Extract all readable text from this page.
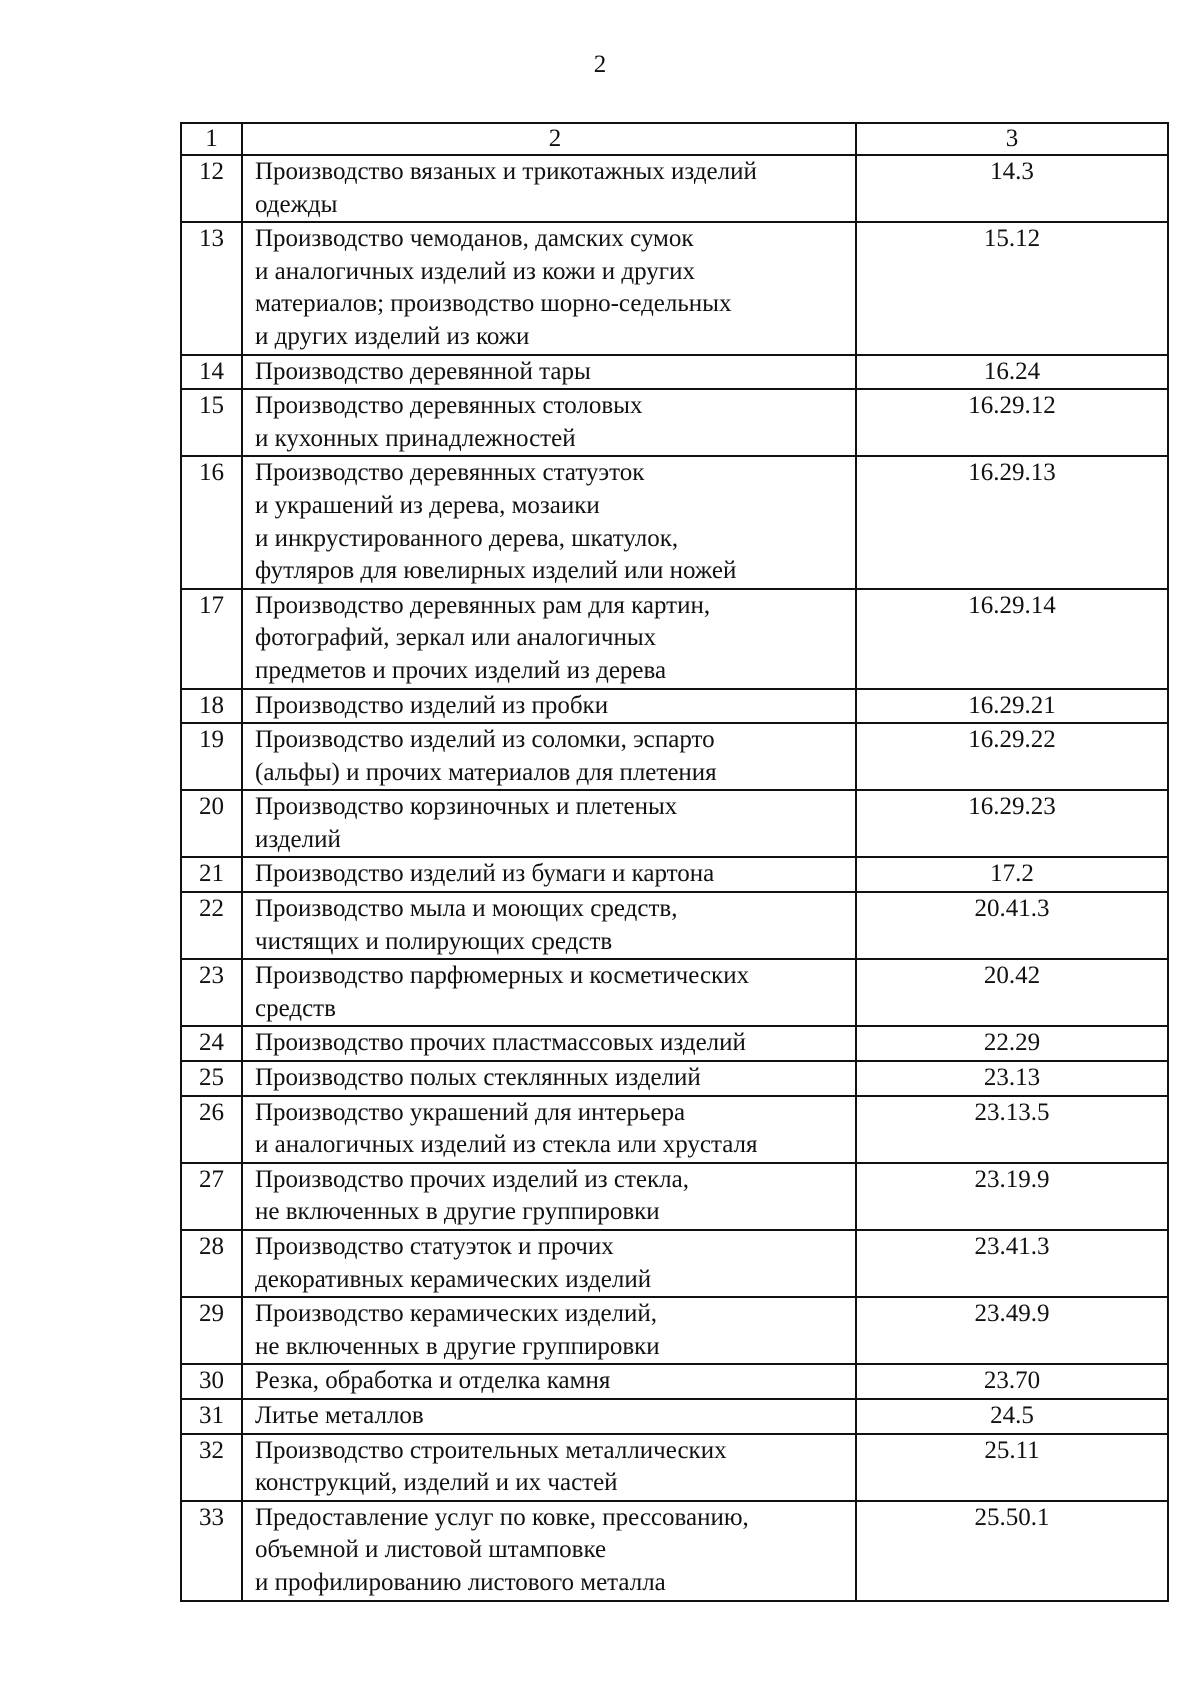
2
1	2	3
12	Производство вязаных и трикотажных изделий
одежды	14.3
13	Производство чемоданов, дамских сумок
и аналогичных изделий из кожи и других
материалов; производство шорно-седельных
и других изделий из кожи	15.12
14	Производство деревянной тары	16.24
15	Производство деревянных столовых
и кухонных принадлежностей	16.29.12
16	Производство деревянных статуэток
и украшений из дерева, мозаики
и инкрустированного дерева, шкатулок,
футляров для ювелирных изделий или ножей	16.29.13
17	Производство деревянных рам для картин,
фотографий, зеркал или аналогичных
предметов и прочих изделий из дерева	16.29.14
18	Производство изделий из пробки	16.29.21
19	Производство изделий из соломки, эспарто
(альфы) и прочих материалов для плетения	16.29.22
20	Производство корзиночных и плетеных
изделий	16.29.23
21	Производство изделий из бумаги и картона	17.2
22	Производство мыла и моющих средств,
чистящих и полирующих средств	20.41.3
23	Производство парфюмерных и косметических
средств	20.42
24	Производство прочих пластмассовых изделий	22.29
25	Производство полых стеклянных изделий	23.13
26	Производство украшений для интерьера
и аналогичных изделий из стекла или хрусталя	23.13.5
27	Производство прочих изделий из стекла,
не включенных в другие группировки	23.19.9
28	Производство статуэток и прочих
декоративных керамических изделий	23.41.3
29	Производство керамических изделий,
не включенных в другие группировки	23.49.9
30	Резка, обработка и отделка камня	23.70
31	Литье металлов	24.5
32	Производство строительных металлических
конструкций, изделий и их частей	25.11
33	Предоставление услуг по ковке, прессованию,
объемной и листовой штамповке
и профилированию листового металла	25.50.1
